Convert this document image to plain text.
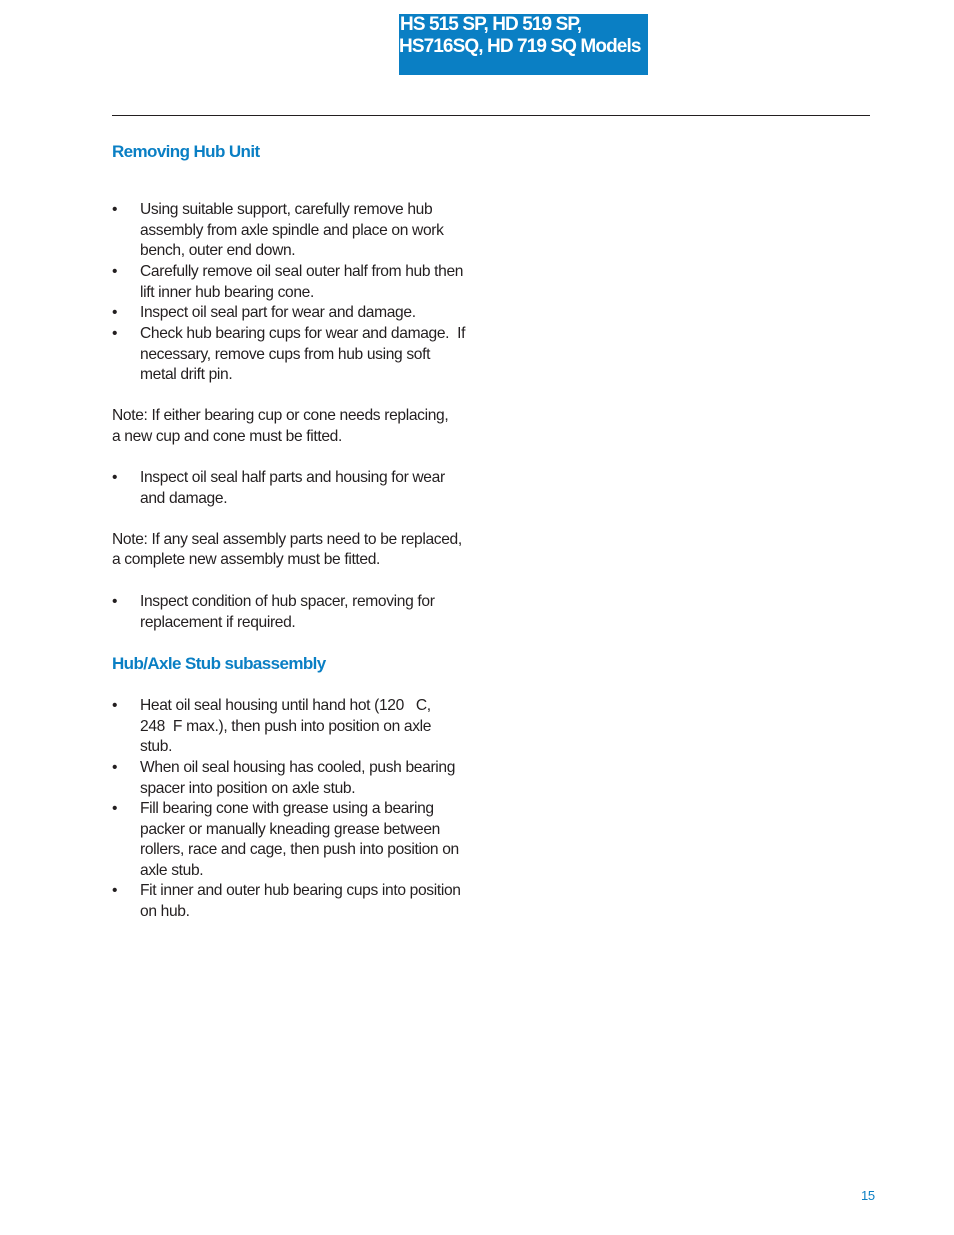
HS 515 SP, HD 519 SP,
HS716SQ, HD 719 SQ Models
Removing Hub Unit
• Using suitable support, carefully remove hub
assembly from axle spindle and place on work
bench, outer end down.
• Carefully remove oil seal outer half from hub then
lift inner hub bearing cone.
• Inspect oil seal part for wear and damage.
• Check hub bearing cups for wear and damage.  If
necessary, remove cups from hub using soft
metal drift pin.
Note: If either bearing cup or cone needs replacing,
a new cup and cone must be fitted.
• Inspect oil seal half parts and housing for wear
and damage.
Note: If any seal assembly parts need to be replaced,
a complete new assembly must be fitted.
• Inspect condition of hub spacer, removing for
replacement if required.
Hub/Axle Stub subassembly
• Heat oil seal housing until hand hot (120   C,
248  F max.), then push into position on axle
stub.
• When oil seal housing has cooled, push bearing
spacer into position on axle stub.
• Fill bearing cone with grease using a bearing
packer or manually kneading grease between
rollers, race and cage, then push into position on
axle stub.
• Fit inner and outer hub bearing cups into position
on hub.
15
